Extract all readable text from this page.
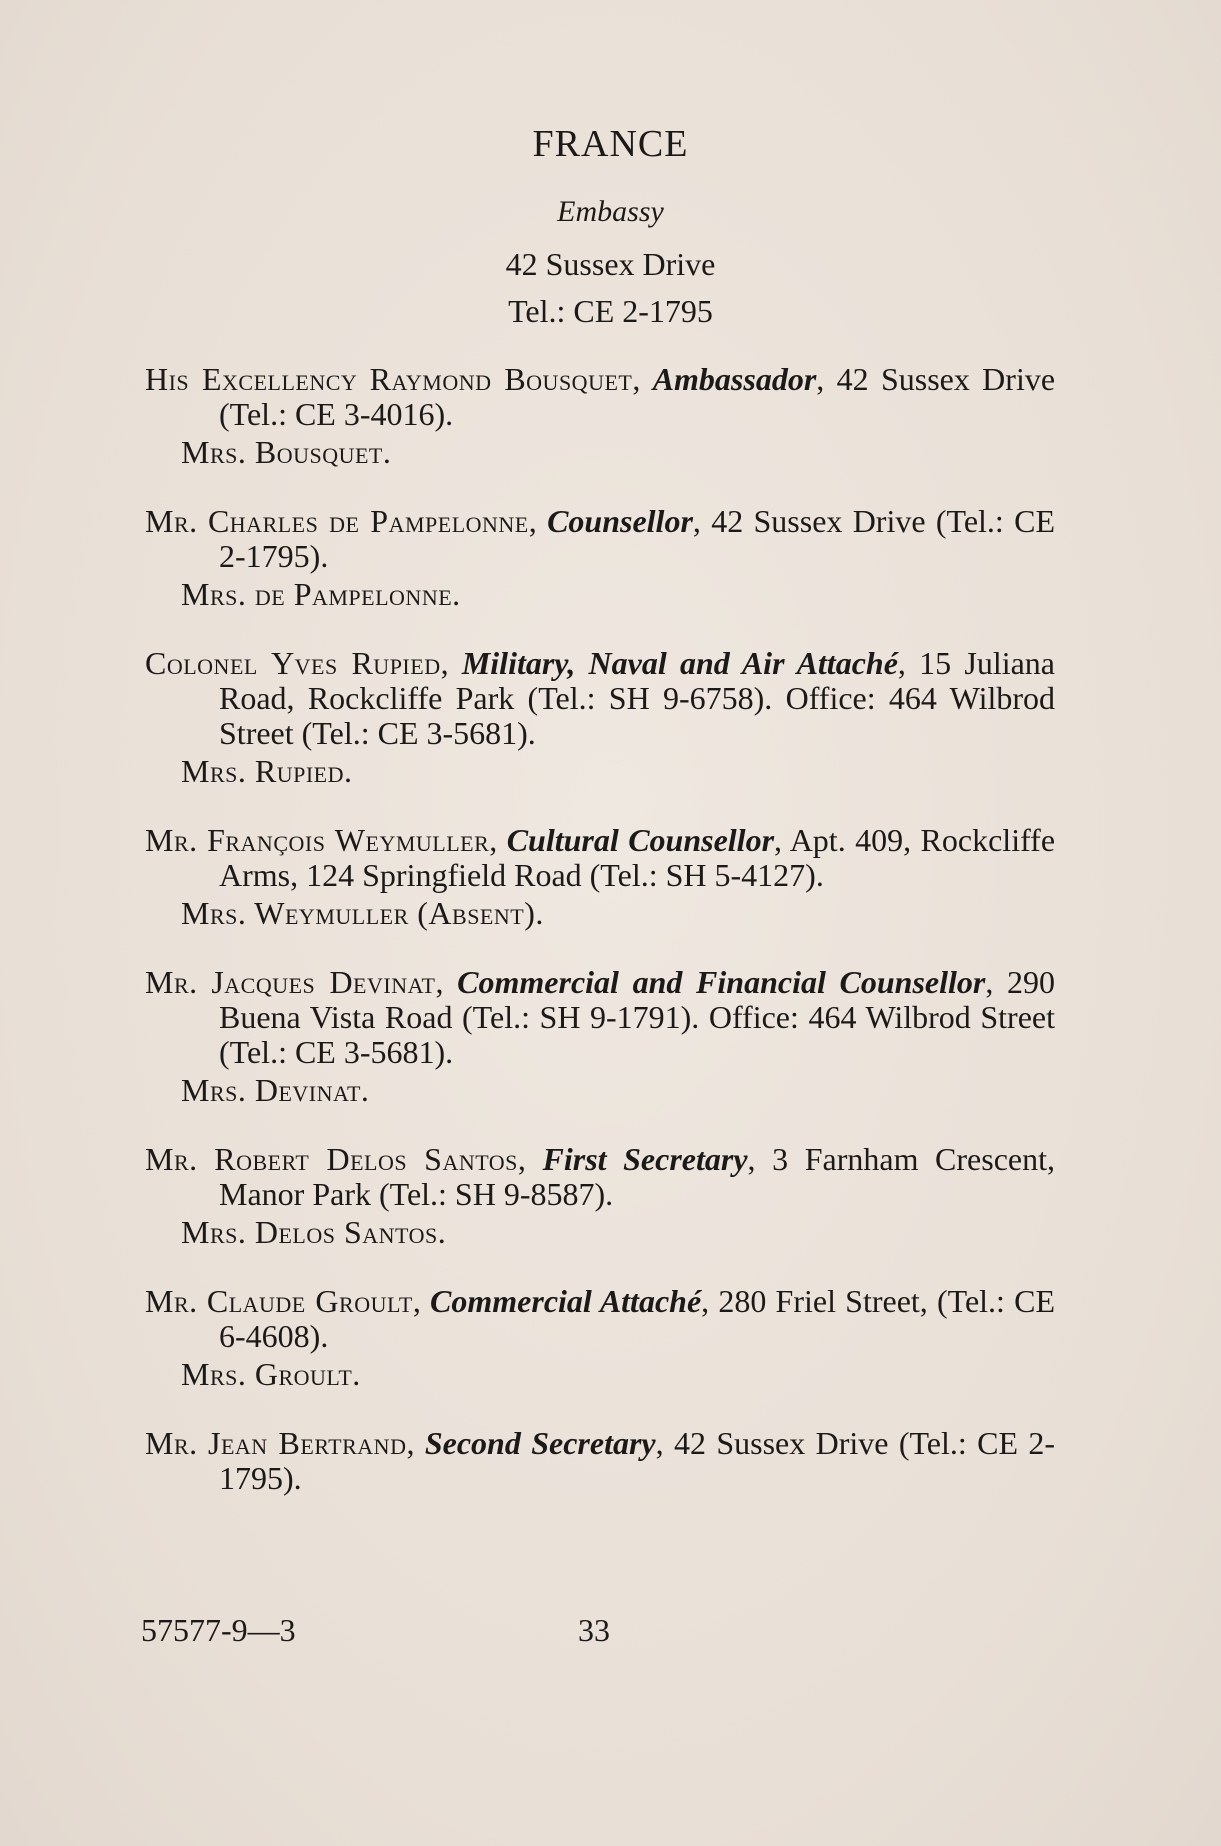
FRANCE
Embassy
42 Sussex Drive
Tel.: CE 2-1795
His Excellency Raymond Bousquet, Ambassador, 42 Sussex Drive (Tel.: CE 3-4016).
Mrs. Bousquet.
Mr. Charles de Pampelonne, Counsellor, 42 Sussex Drive (Tel.: CE 2-1795).
Mrs. de Pampelonne.
Colonel Yves Rupied, Military, Naval and Air Attaché, 15 Juliana Road, Rockcliffe Park (Tel.: SH 9-6758). Office: 464 Wilbrod Street (Tel.: CE 3-5681).
Mrs. Rupied.
Mr. François Weymuller, Cultural Counsellor, Apt. 409, Rockcliffe Arms, 124 Springfield Road (Tel.: SH 5-4127).
Mrs. Weymuller (Absent).
Mr. Jacques Devinat, Commercial and Financial Counsellor, 290 Buena Vista Road (Tel.: SH 9-1791). Office: 464 Wilbrod Street (Tel.: CE 3-5681).
Mrs. Devinat.
Mr. Robert Delos Santos, First Secretary, 3 Farnham Crescent, Manor Park (Tel.: SH 9-8587).
Mrs. Delos Santos.
Mr. Claude Groult, Commercial Attaché, 280 Friel Street, (Tel.: CE 6-4608).
Mrs. Groult.
Mr. Jean Bertrand, Second Secretary, 42 Sussex Drive (Tel.: CE 2-1795).
57577-9—3	33
